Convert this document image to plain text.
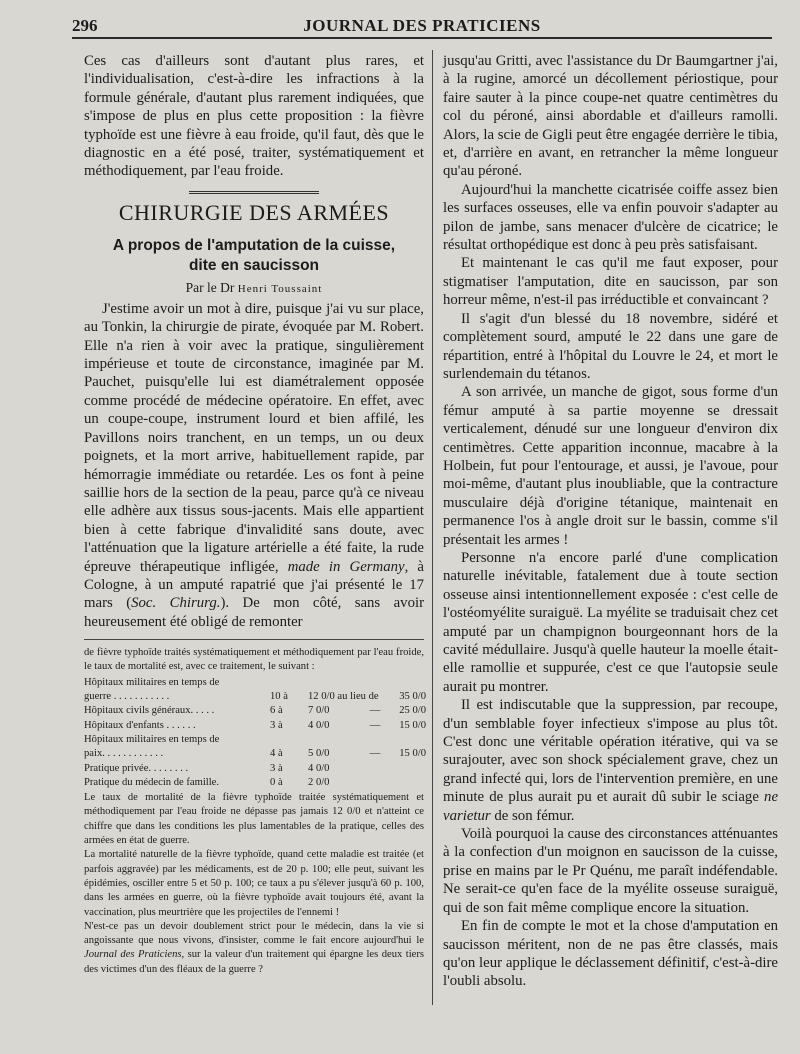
296	JOURNAL DES PRATICIENS

Ces cas d'ailleurs sont d'autant plus rares, et l'individualisation, c'est-à-dire les infractions à la formule générale, d'autant plus rarement indiquées, que s'impose de plus en plus cette proposition : la fièvre typhoïde est une fièvre à eau froide, qu'il faut, dès que le diagnostic en a été posé, traiter, systématiquement et méthodiquement, par l'eau froide.

CHIRURGIE DES ARMÉES
A propos de l'amputation de la cuisse,
dite en saucisson
Par le Dr Henri Toussaint

J'estime avoir un mot à dire, puisque j'ai vu sur place, au Tonkin, la chirurgie de pirate, évoquée par M. Robert. Elle n'a rien à voir avec la pratique, singulièrement impérieuse et toute de circonstance, imaginée par M. Pauchet, puisqu'elle lui est diamétralement opposée comme procédé de médecine opératoire. En effet, avec un coupe-coupe, instrument lourd et bien affilé, les Pavillons noirs tranchent, en un temps, un ou deux poignets, et la mort arrive, habituellement rapide, par hémorragie immédiate ou retardée. Les os font à peine saillie hors de la section de la peau, parce qu'à ce niveau elle adhère aux tissus sous-jacents. Mais elle appartient bien à cette fabrique d'invalidité sans doute, avec l'atténuation que la ligature artérielle a été faite, la rude épreuve thérapeutique infligée, made in Germany, à Cologne, à un amputé rapatrié que j'ai présenté le 17 mars (Soc. Chirurg.). De mon côté, sans avoir heureusement été obligé de remonter

de fièvre typhoïde traités systématiquement et méthodiquement par l'eau froide, le taux de mortalité est, avec ce traitement, le suivant :

Hôpitaux militaires en temps de
guerre . . . . . . . . . . .	10 à	12 0/0 au lieu de	35 0/0
Hôpitaux civils généraux. . . . .	6 à	7 0/0	—	25 0/0
Hôpitaux d'enfants . . . . . .	3 à	4 0/0	—	15 0/0
Hôpitaux militaires en temps de
paix. . . . . . . . . . . .	4 à	5 0/0	—	15 0/0
Pratique privée. . . . . . . .	3 à	4 0/0
Pratique du médecin de famille.	0 à	2 0/0

Le taux de mortalité de la fièvre typhoïde traitée systématiquement et méthodiquement par l'eau froide ne dépasse pas jamais 12 0/0 et n'atteint ce chiffre que dans les conditions les plus lamentables de la pratique, celles des armées en état de guerre.

La mortalité naturelle de la fièvre typhoïde, quand cette maladie est traitée (et parfois aggravée) par les médicaments, est de 20 p. 100; elle peut, suivant les épidémies, osciller entre 5 et 50 p. 100; ce taux a pu s'élever jusqu'à 60 p. 100, dans les armées en guerre, où la fièvre typhoïde avait toujours été, avant la vaccination, plus meurtrière que les projectiles de l'ennemi !

N'est-ce pas un devoir doublement strict pour le médecin, dans la vie si angoissante que nous vivons, d'insister, comme le fait encore aujourd'hui le Journal des Praticiens, sur la valeur d'un traitement qui épargne les deux tiers des victimes d'un des fléaux de la guerre ?

jusqu'au Gritti, avec l'assistance du Dr Baumgartner j'ai, à la rugine, amorcé un décollement périostique, pour faire sauter à la pince coupe-net quatre centimètres du col du péroné, ainsi abordable et d'ailleurs ramolli. Alors, la scie de Gigli peut être engagée derrière le tibia, et, d'arrière en avant, en retrancher la même longueur qu'au péroné.

Aujourd'hui la manchette cicatrisée coiffe assez bien les surfaces osseuses, elle va enfin pouvoir s'adapter au pilon de jambe, sans menacer d'ulcère de cicatrice; le résultat orthopédique est donc à peu près satisfaisant.

Et maintenant le cas qu'il me faut exposer, pour stigmatiser l'amputation, dite en saucisson, par son horreur même, n'est-il pas irréductible et convaincant ?

Il s'agit d'un blessé du 18 novembre, sidéré et complètement sourd, amputé le 22 dans une gare de répartition, entré à l'hôpital du Louvre le 24, et mort le surlendemain du tétanos.

A son arrivée, un manche de gigot, sous forme d'un fémur amputé à sa partie moyenne se dressait verticalement, dénudé sur une longueur d'environ dix centimètres. Cette apparition inconnue, macabre à la Holbein, fut pour l'entourage, et aussi, je l'avoue, pour moi-même, d'autant plus inoubliable, que la contracture musculaire déjà d'origine tétanique, maintenait en permanence l'os à angle droit sur le bassin, comme s'il présentait les armes !

Personne n'a encore parlé d'une complication naturelle inévitable, fatalement due à toute section osseuse ainsi intentionnellement exposée : c'est celle de l'ostéomyélite suraiguë. La myélite se traduisait chez cet amputé par un champignon bourgeonnant hors de la cavité médullaire. Jusqu'à quelle hauteur la moelle était-elle ramollie et suppurée, c'est ce que l'autopsie seule aurait pu montrer.

Il est indiscutable que la suppression, par recoupe, d'un semblable foyer infectieux s'impose au plus tôt. C'est donc une véritable opération itérative, qui va se surajouter, avec son shock spécialement grave, chez un grand infecté qui, lors de l'intervention première, en une minute de plus aurait pu et aurait dû subir le sciage ne varietur de son fémur.

Voilà pourquoi la cause des circonstances atténuantes à la confection d'un moignon en saucisson de la cuisse, prise en mains par le Pr Quénu, me paraît indéfendable. Ne serait-ce qu'en face de la myélite osseuse suraiguë, qui de son fait même complique encore la situation.

En fin de compte le mot et la chose d'amputation en saucisson méritent, non de ne pas être classés, mais qu'on leur applique le déclassement définitif, c'est-à-dire l'oubli absolu.
